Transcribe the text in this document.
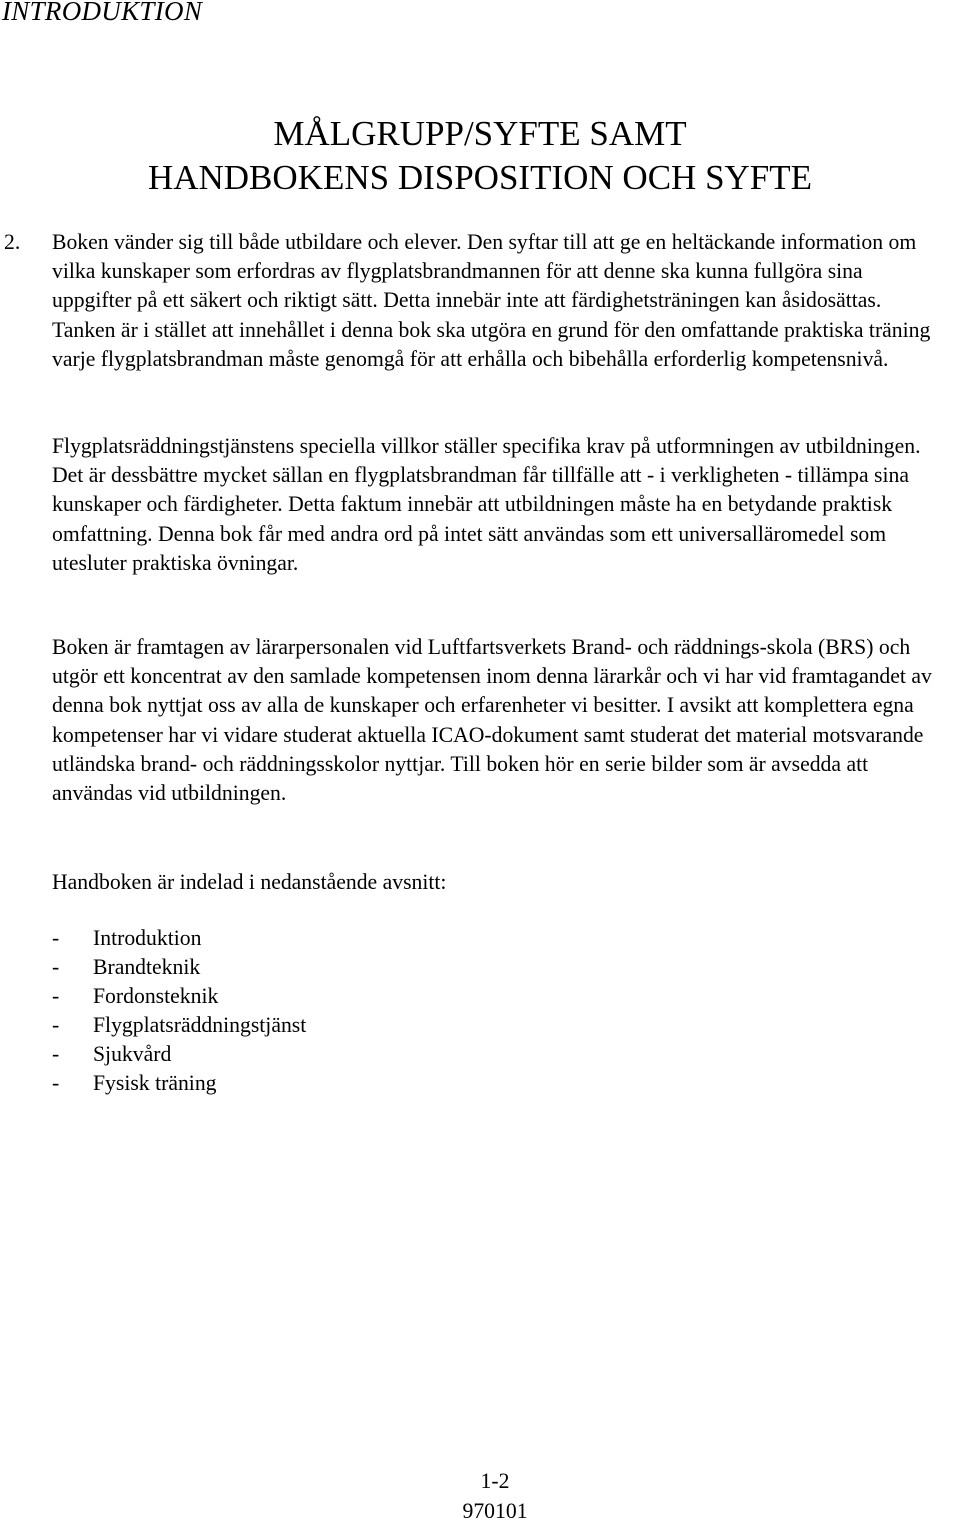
INTRODUKTION
MÅLGRUPP/SYFTE SAMT
HANDBOKENS DISPOSITION OCH SYFTE
2. Boken vänder sig till både utbildare och elever. Den syftar till att ge en heltäckande information om vilka kunskaper som erfordras av flygplatsbrandmannen för att denne ska kunna fullgöra sina uppgifter på ett säkert och riktigt sätt. Detta innebär inte att färdighetsträningen kan åsidosättas. Tanken är i stället att innehållet i denna bok ska utgöra en grund för den omfattande praktiska träning varje flygplatsbrandman måste genomgå för att erhålla och bibehålla erforderlig kompetensnivå.

Flygplatsräddningstjänstens speciella villkor ställer specifika krav på utformningen av utbildningen. Det är dessbättre mycket sällan en flygplatsbrandman får tillfälle att - i verkligheten - tillämpa sina kunskaper och färdigheter. Detta faktum innebär att utbildningen måste ha en betydande praktisk omfattning. Denna bok får med andra ord på intet sätt användas som ett universalläromedel som utesluter praktiska övningar.

Boken är framtagen av lärarpersonalen vid Luftfartsverkets Brand- och räddnings-skola (BRS) och utgör ett koncentrat av den samlade kompetensen inom denna lärarkår och vi har vid framtagandet av denna bok nyttjat oss av alla de kunskaper och erfarenheter vi besitter. I avsikt att komplettera egna kompetenser har vi vidare studerat aktuella ICAO-dokument samt studerat det material motsvarande utländska brand- och räddningsskolor nyttjar. Till boken hör en serie bilder som är avsedda att användas vid utbildningen.

Handboken är indelad i nedanstående avsnitt:

-	Introduktion
-	Brandteknik
-	Fordonsteknik
-	Flygplatsräddningstjänst
-	Sjukvård
-	Fysisk träning
1-2
970101
